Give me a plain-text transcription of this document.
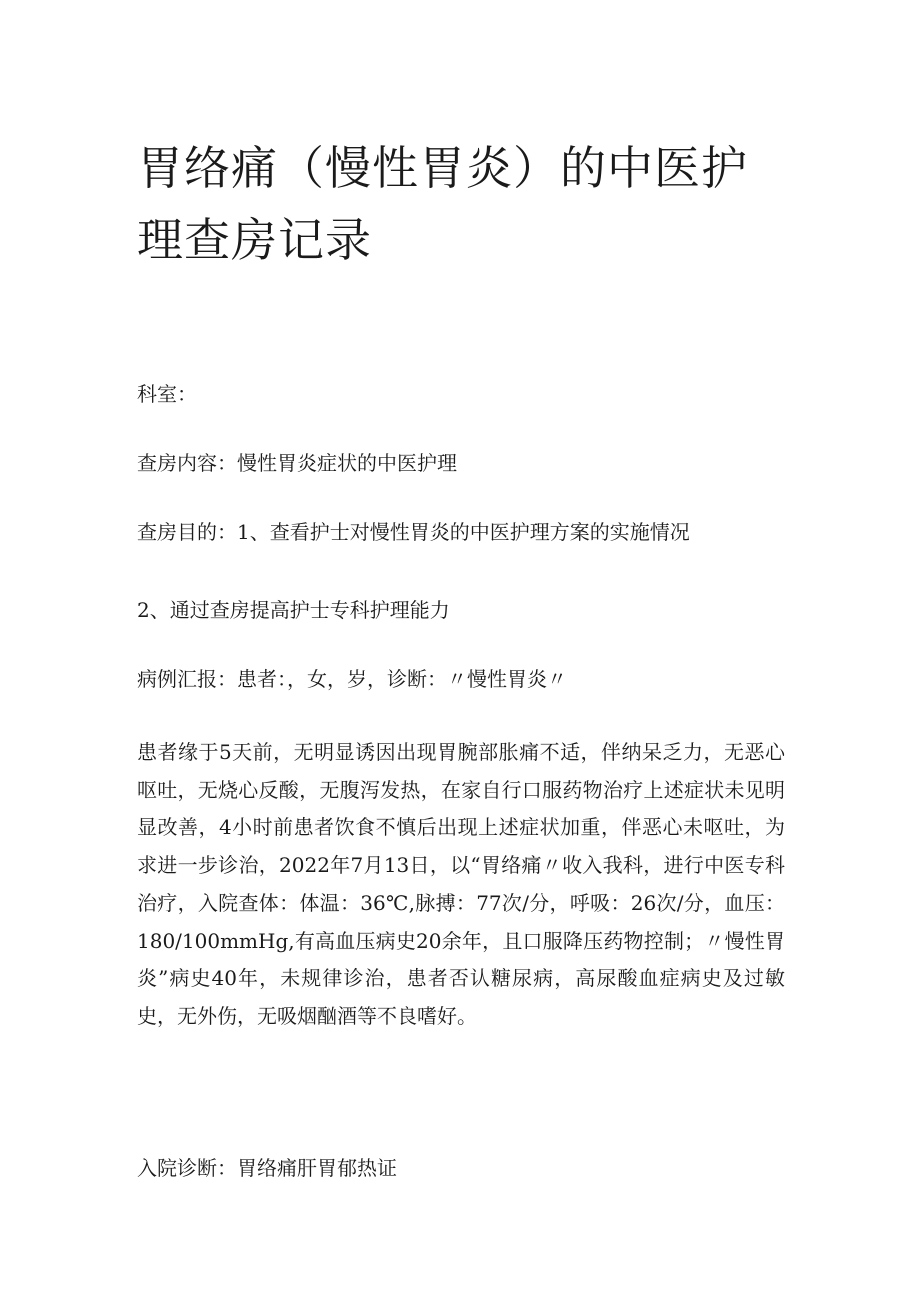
胃络痛（慢性胃炎）的中医护理查房记录

科室：

查房内容：慢性胃炎症状的中医护理

查房目的：1、查看护士对慢性胃炎的中医护理方案的实施情况

2、通过查房提高护士专科护理能力

病例汇报：患者：，女，岁，诊断：〃慢性胃炎〃

患者缘于5天前，无明显诱因出现胃腕部胀痛不适，伴纳呆乏力，无恶心呕吐，无烧心反酸，无腹泻发热，在家自行口服药物治疗上述症状未见明显改善，4小时前患者饮食不慎后出现上述症状加重，伴恶心未呕吐，为求进一步诊治，2022年7月13日，以“胃络痛〃收入我科，进行中医专科治疗，入院查体：体温：36℃,脉搏：77次/分，呼吸：26次/分，血压：180/100mmHg,有高血压病史20余年，且口服降压药物控制；〃慢性胃炎”病史40年，未规律诊治，患者否认糖尿病，高尿酸血症病史及过敏史，无外伤，无吸烟酗酒等不良嗜好。

入院诊断：胃络痛肝胃郁热证
